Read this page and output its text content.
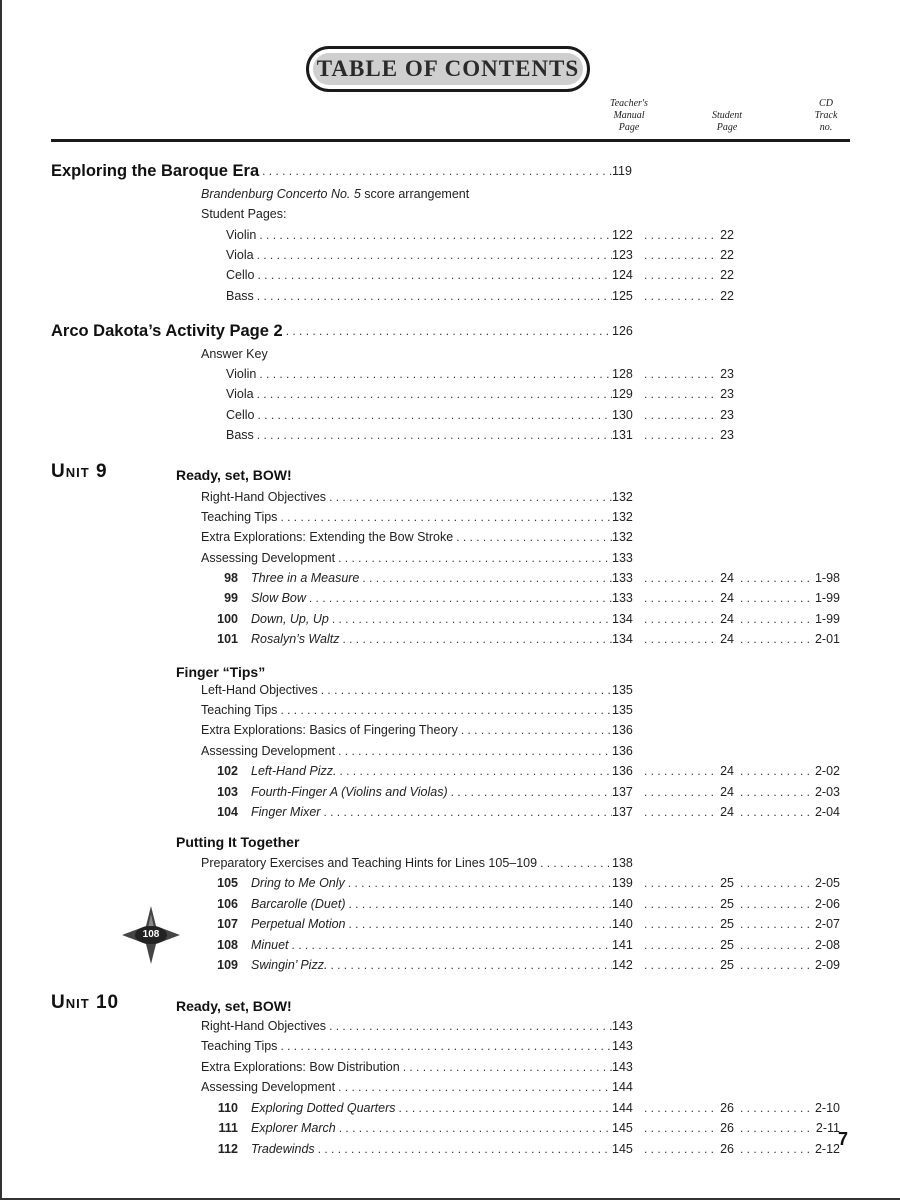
TABLE OF CONTENTS
Teacher's
Manual
Page
Student
Page
CD
Track
no.
Exploring the Baroque Era . . .	119
Brandenburg Concerto No. 5 score arrangement
Student Pages:
Violin . . .	122 . . .	22
Viola . . .	123 . . .	22
Cello . . .	124 . . .	22
Bass . . .	125 . . .	22
Arco Dakota’s Activity Page 2 . . .	126
Answer Key
Violin . . .	128 . . .	23
Viola . . .	129 . . .	23
Cello . . .	130 . . .	23
Bass . . .	131 . . .	23
Ready, set, BOW!
Right-Hand Objectives . . .	132
Teaching Tips . . .	132
Extra Explorations: Extending the Bow Stroke . . .	132
Assessing Development . . .	133
98 Three in a Measure . . .	133 . . .	24 . . .	1-98
99 Slow Bow . . .	133 . . .	24 . . .	1-99
100 Down, Up, Up . . .	134 . . .	24 . . .	1-99
101 Rosalyn’s Waltz . . .	134 . . .	24 . . .	2-01
Finger “Tips”
Left-Hand Objectives . . .	135
Teaching Tips . . .	135
Extra Explorations: Basics of Fingering Theory . . .	136
Assessing Development . . .	136
102 Left-Hand Pizz. . . .	136 . . .	24 . . .	2-02
103 Fourth-Finger A (Violins and Violas) . . .	137 . . .	24 . . .	2-03
104 Finger Mixer . . .	137 . . .	24 . . .	2-04
Putting It Together
Preparatory Exercises and Teaching Hints for Lines 105–109 . . .	138
105 Dring to Me Only . . .	139 . . .	25 . . .	2-05
106 Barcarolle (Duet) . . .	140 . . .	25 . . .	2-06
107 Perpetual Motion . . .	140 . . .	25 . . .	2-07
108 Minuet . . .	141 . . .	25 . . .	2-08
109 Swingin’ Pizz. . . .	142 . . .	25 . . .	2-09
Ready, set, BOW!
Right-Hand Objectives . . .	143
Teaching Tips . . .	143
Extra Explorations: Bow Distribution . . .	143
Assessing Development . . .	144
110 Exploring Dotted Quarters . . .	144 . . .	26 . . .	2-10
111 Explorer March . . .	145 . . .	26 . . .	2-11
112 Tradewinds . . .	145 . . .	26 . . .	2-12
Unit 9
Unit 10
108
7
